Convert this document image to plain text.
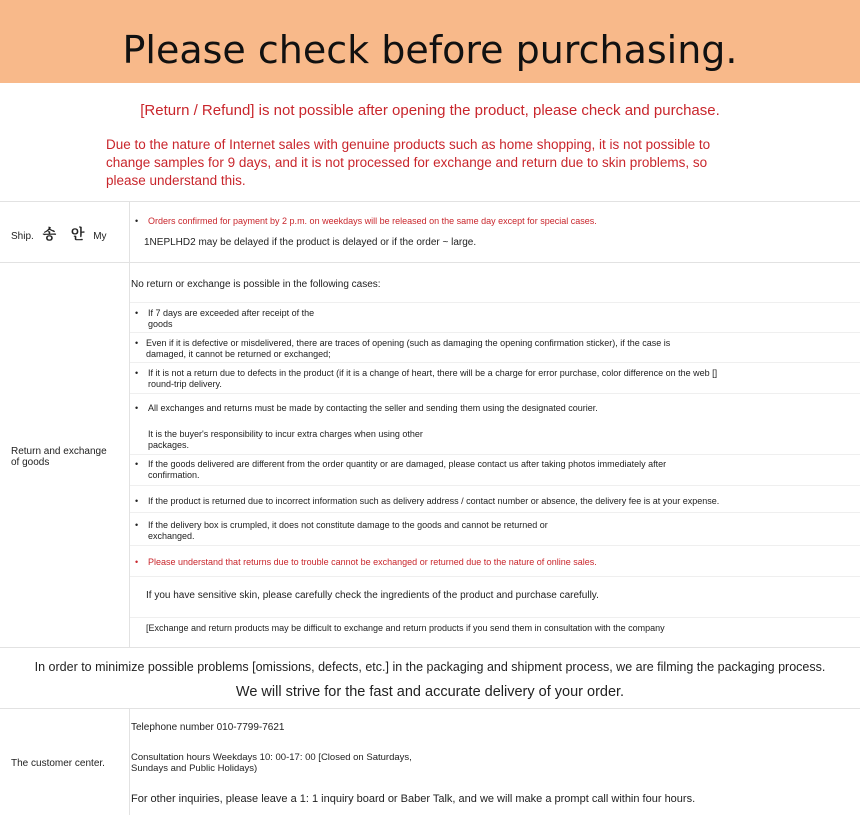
Please check before purchasing.
[Return / Refund] is not possible after opening the product, please check and purchase.
Due to the nature of Internet sales with genuine products such as home shopping, it is not possible to change samples for 9 days, and it is not processed for exchange and return due to skin problems, so please understand this.
Ship. 송 안 My
• Orders confirmed for payment by 2 p.m. on weekdays will be released on the same day except for special cases.
1NEPLHD2 may be delayed if the product is delayed or if the order ~ large.
Return and exchange of goods
No return or exchange is possible in the following cases:
• If 7 days are exceeded after receipt of the goods
• Even if it is defective or misdelivered, there are traces of opening (such as damaging the opening confirmation sticker), if the case is damaged, it cannot be returned or exchanged;
• If it is not a return due to defects in the product (if it is a change of heart, there will be a charge for error purchase, color difference on the web [] round-trip delivery.
• All exchanges and returns must be made by contacting the seller and sending them using the designated courier.
It is the buyer's responsibility to incur extra charges when using other packages.
• If the goods delivered are different from the order quantity or are damaged, please contact us after taking photos immediately after confirmation.
• If the product is returned due to incorrect information such as delivery address / contact number or absence, the delivery fee is at your expense.
• If the delivery box is crumpled, it does not constitute damage to the goods and cannot be returned or exchanged.
• Please understand that returns due to trouble cannot be exchanged or returned due to the nature of online sales.
If you have sensitive skin, please carefully check the ingredients of the product and purchase carefully.
[Exchange and return products may be difficult to exchange and return products if you send them in consultation with the company
In order to minimize possible problems [omissions, defects, etc.] in the packaging and shipment process, we are filming the packaging process.
We will strive for the fast and accurate delivery of your order.
The customer center.
Telephone number 010-7799-7621
Consultation hours Weekdays 10: 00-17: 00 [Closed on Saturdays, Sundays and Public Holidays)
For other inquiries, please leave a 1: 1 inquiry board or Baber Talk, and we will make a prompt call within four hours.
